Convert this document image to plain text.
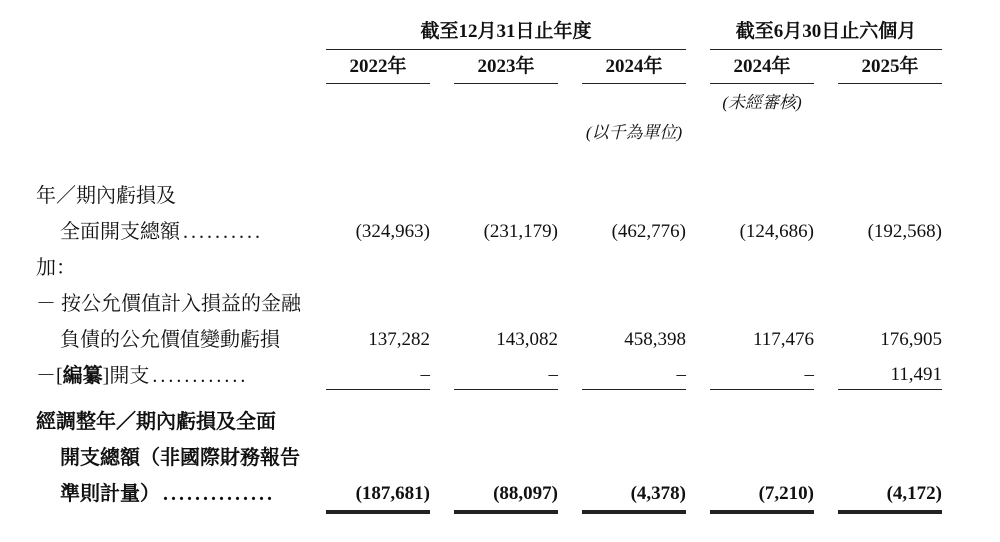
截至12月31日止年度	截至6月30日止六個月
2022年	2023年	2024年	2024年	2025年
(未經審核)
(以千為單位)
年／期內虧損及
全面開支總額 ..........	(324,963)	(231,179)	(462,776)	(124,686)	(192,568)
加：
－ 按公允價值計入損益的金融
負債的公允價值變動虧損	137,282	143,082	458,398	117,476	176,905
－[編纂]開支 ............	–	–	–	–	11,491
經調整年／期內虧損及全面
開支總額（非國際財務報告
準則計量） ..............	(187,681)	(88,097)	(4,378)	(7,210)	(4,172)
